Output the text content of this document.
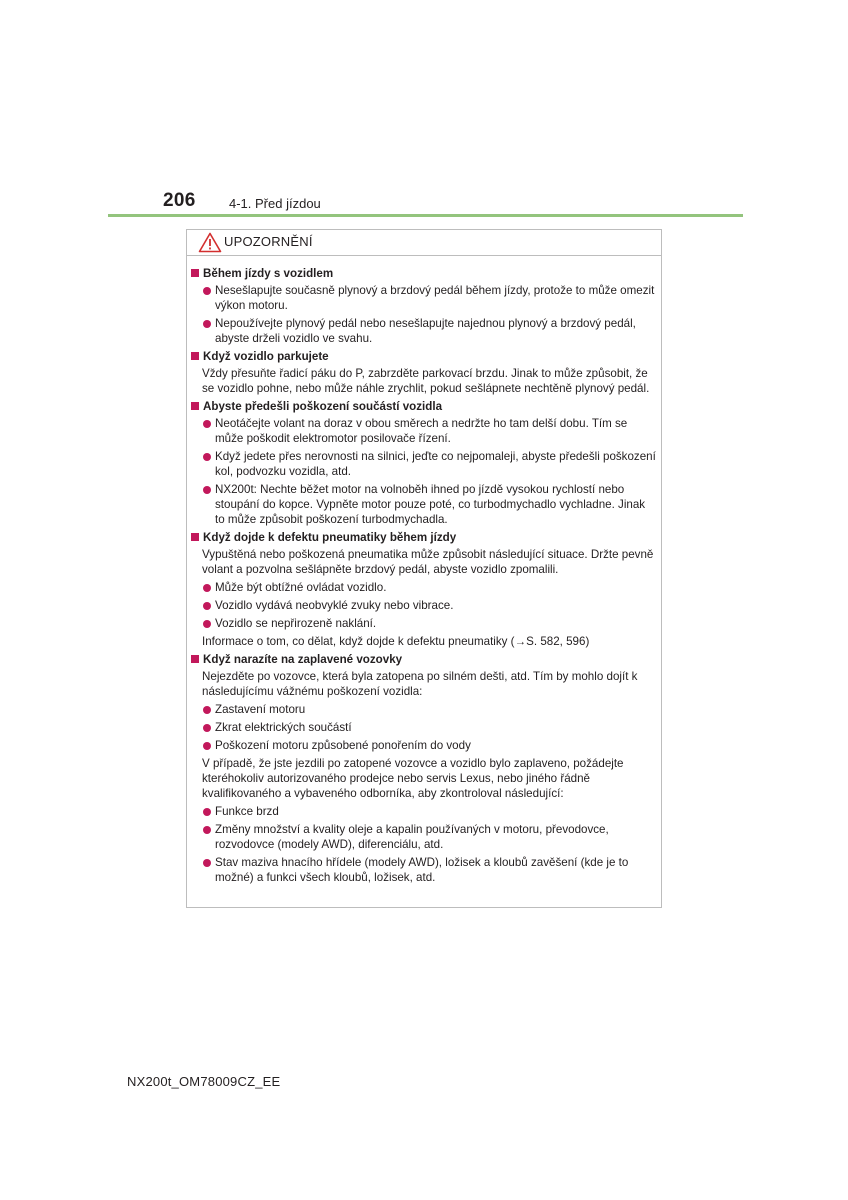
206	4-1. Před jízdou
UPOZORNĚNÍ
Během jízdy s vozidlem
Nesešlapujte současně plynový a brzdový pedál během jízdy, protože to může omezit výkon motoru.
Nepoužívejte plynový pedál nebo nesešlapujte najednou plynový a brzdový pedál, abyste drželi vozidlo ve svahu.
Když vozidlo parkujete
Vždy přesuňte řadicí páku do P, zabrzděte parkovací brzdu. Jinak to může způsobit, že se vozidlo pohne, nebo může náhle zrychlit, pokud sešlápnete nechtěně plynový pedál.
Abyste předešli poškození součástí vozidla
Neotáčejte volant na doraz v obou směrech a nedržte ho tam delší dobu. Tím se může poškodit elektromotor posilovače řízení.
Když jedete přes nerovnosti na silnici, jeďte co nejpomaleji, abyste předešli poškození kol, podvozku vozidla, atd.
NX200t: Nechte běžet motor na volnoběh ihned po jízdě vysokou rychlostí nebo stoupání do kopce. Vypněte motor pouze poté, co turbodmychadlo vychladne. Jinak to může způsobit poškození turbodmychadla.
Když dojde k defektu pneumatiky během jízdy
Vypuštěná nebo poškozená pneumatika může způsobit následující situace. Držte pevně volant a pozvolna sešlápněte brzdový pedál, abyste vozidlo zpomalili.
Může být obtížné ovládat vozidlo.
Vozidlo vydává neobvyklé zvuky nebo vibrace.
Vozidlo se nepřirozeně naklání.
Informace o tom, co dělat, když dojde k defektu pneumatiky (→S. 582, 596)
Když narazíte na zaplavené vozovky
Nejezděte po vozovce, která byla zatopena po silném dešti, atd. Tím by mohlo dojít k následujícímu vážnému poškození vozidla:
Zastavení motoru
Zkrat elektrických součástí
Poškození motoru způsobené ponořením do vody
V případě, že jste jezdili po zatopené vozovce a vozidlo bylo zaplaveno, požádejte kteréhokoliv autorizovaného prodejce nebo servis Lexus, nebo jiného řádně kvalifikovaného a vybaveného odborníka, aby zkontroloval následující:
Funkce brzd
Změny množství a kvality oleje a kapalin používaných v motoru, převodovce, rozvodovce (modely AWD), diferenciálu, atd.
Stav maziva hnacího hřídele (modely AWD), ložisek a kloubů zavěšení (kde je to možné) a funkci všech kloubů, ložisek, atd.
NX200t_OM78009CZ_EE
